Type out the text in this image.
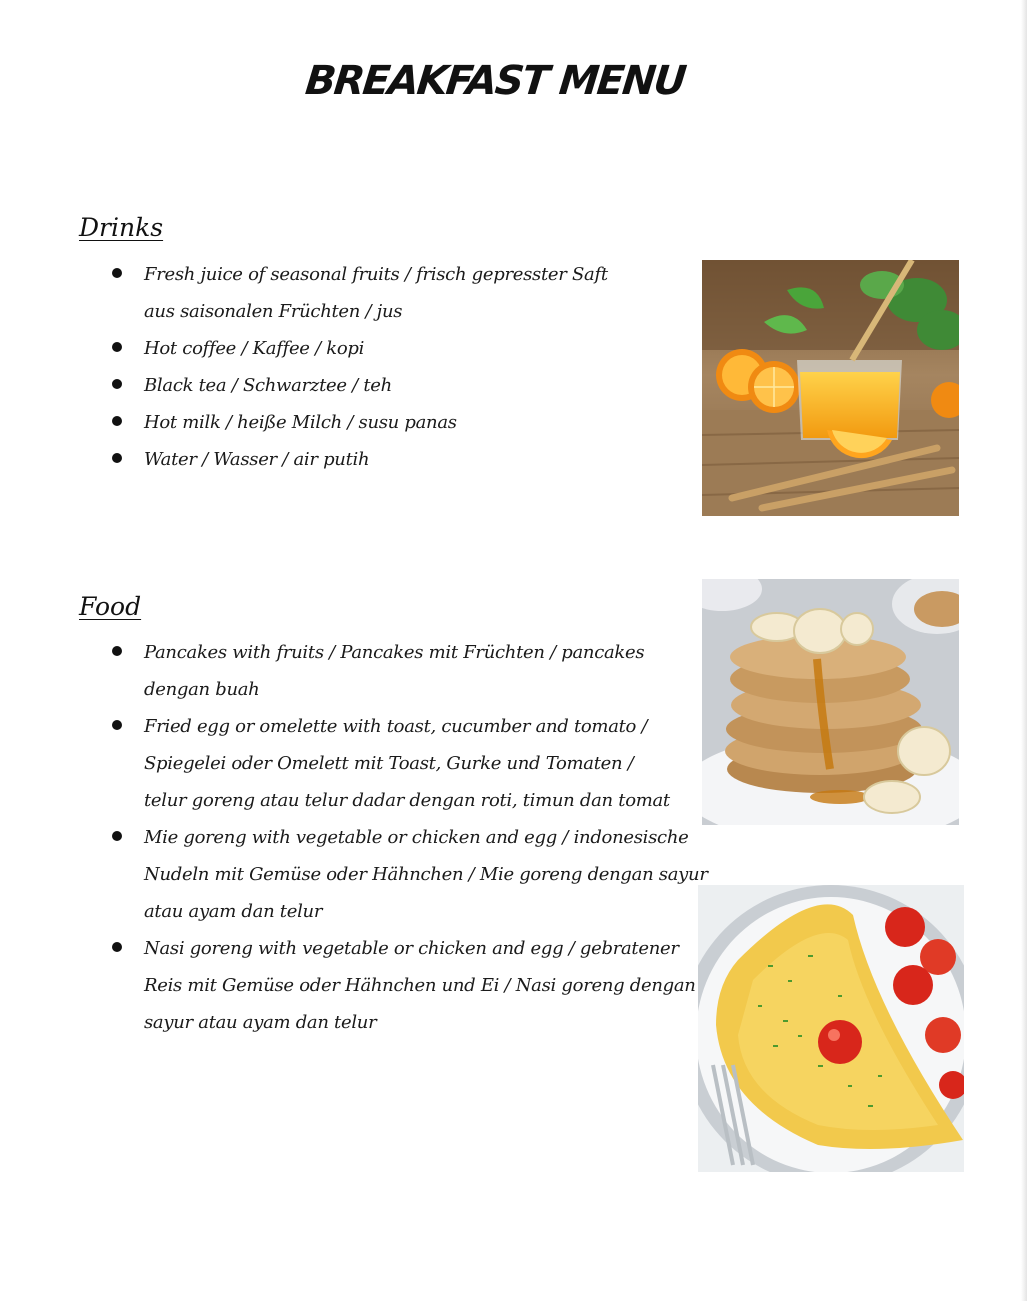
BREAKFAST MENU
Drinks
Fresh juice of seasonal fruits / frisch gepresster Saft
aus saisonalen Früchten / jus
Hot coffee / Kaffee / kopi
Black tea / Schwarztee / teh
Hot milk / heiße Milch / susu panas
Water / Wasser / air putih
Food
Pancakes with fruits / Pancakes mit Früchten / pancakes
dengan buah
Fried egg or omelette with toast, cucumber and tomato /
Spiegelei oder Omelett mit Toast, Gurke und Tomaten /
telur goreng atau telur dadar dengan roti, timun dan tomat
Mie goreng with vegetable or chicken and egg / indonesische
Nudeln mit Gemüse oder Hähnchen / Mie goreng dengan sayur
atau ayam dan telur
Nasi goreng with vegetable or chicken and egg / gebratener
Reis mit Gemüse oder Hähnchen und Ei / Nasi goreng dengan
sayur atau ayam dan telur
